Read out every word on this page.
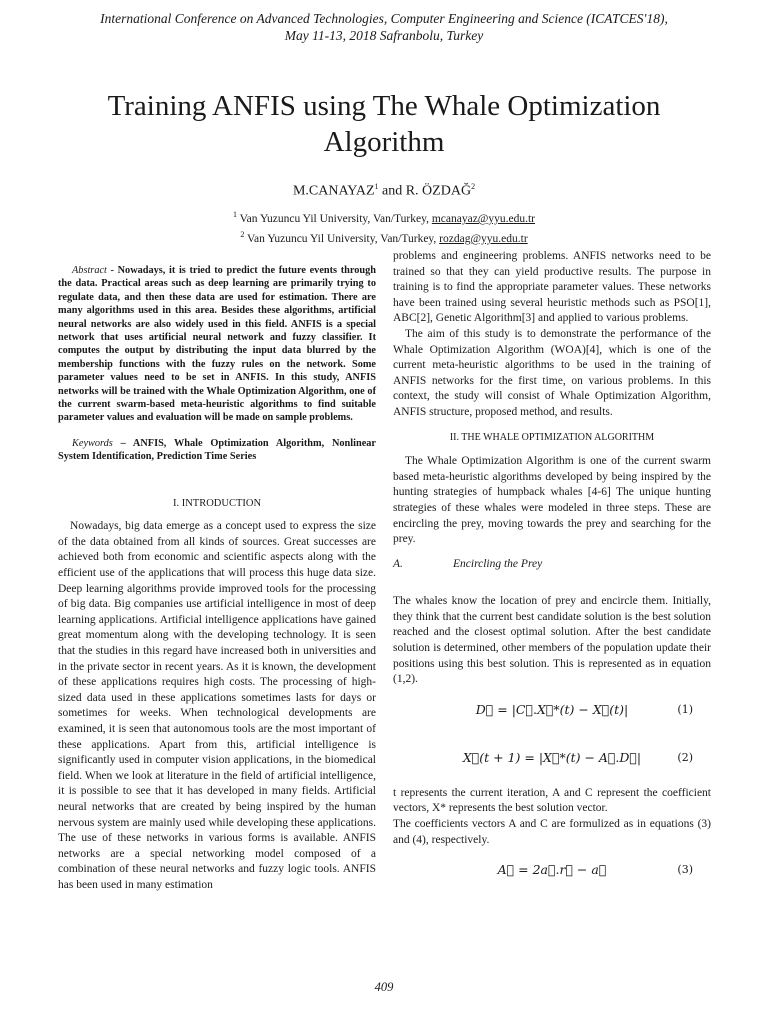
International Conference on Advanced Technologies, Computer Engineering and Science (ICATCES'18),
May 11-13, 2018 Safranbolu, Turkey
Training ANFIS using The Whale Optimization
Algorithm
M.CANAYAZ$^1$ and R. ÖZDAĞ$^2$
$^1$ Van Yuzuncu Yil University, Van/Turkey, mcanayaz@yyu.edu.tr
$^2$ Van Yuzuncu Yil University, Van/Turkey, rozdag@yyu.edu.tr

Abstract - Nowadays, it is tried to predict the future events through the data. Practical areas such as deep learning are primarily trying to regulate data, and then these data are used for estimation. There are many algorithms used in this area. Besides these algorithms, artificial neural networks are also widely used in this field. ANFIS is a special network that uses artificial neural network and fuzzy classifier. It computes the output by distributing the input data blurred by the membership functions with the fuzzy rules on the network. Some parameter values need to be set in ANFIS. In this study, ANFIS networks will be trained with the Whale Optimization Algorithm, one of the current swarm-based meta-heuristic algorithms to find suitable parameter values and evaluation will be made on sample problems.

Keywords – ANFIS, Whale Optimization Algorithm, Nonlinear System Identification, Prediction Time Series

I. INTRODUCTION

Nowadays, big data emerge as a concept used to express the size of the data obtained from all kinds of sources. Great successes are achieved both from economic and scientific aspects along with the efficient use of the applications that will process this huge data size. Deep learning algorithms provide improved tools for the processing of big data. Big companies use artificial intelligence in most of deep learning applications. Artificial intelligence applications have gained great momentum along with the developing technology. It is seen that the studies in this regard have increased both in universities and in the private sector in recent years. As it is known, the development of these applications requires high costs. The processing of high-sized data used in these applications sometimes lasts for days or sometimes for weeks. When technological developments are examined, it is seen that autonomous tools are the most important of these applications. Apart from this, artificial intelligence is significantly used in computer vision applications, in the biomedical field. When we look at literature in the field of artificial intelligence, it is possible to see that it has developed in many fields. Artificial neural networks that are created by being inspired by the human nervous system are mainly used while developing these applications. The use of these networks in various forms is available. ANFIS networks are a special networking model composed of a combination of these neural networks and fuzzy logic tools. ANFIS has been used in many estimation

problems and engineering problems. ANFIS networks need to be trained so that they can yield productive results. The purpose in training is to find the appropriate parameter values. These networks have been trained using several heuristic methods such as PSO[1], ABC[2], Genetic Algorithm[3] and applied to various problems.

The aim of this study is to demonstrate the performance of the Whale Optimization Algorithm (WOA)[4], which is one of the current meta-heuristic algorithms to be used in the training of ANFIS networks for the first time, on various problems. In this context, the study will consist of Whale Optimization Algorithm, ANFIS structure, proposed method, and results.

II. THE WHALE OPTIMIZATION ALGORITHM

The Whale Optimization Algorithm is one of the current swarm based meta-heuristic algorithms developed by being inspired by the hunting strategies of humpback whales [4-6] The unique hunting strategies of these whales were modeled in three steps. These are encircling the prey, moving towards the prey and searching for the prey.

A.	Encircling the Prey

The whales know the location of prey and encircle them. Initially, they think that the current best candidate solution is the best solution reached and the closest optimal solution. After the best candidate solution is determined, other members of the population update their positions using this best solution. This is represented as in equation (1,2).

D⃗ = |C⃗.X⃗*(t) − X⃗(t)|	(1)
X⃗(t + 1) = |X⃗*(t) − A⃗.D⃗|	(2)

t represents the current iteration, A and C represent the coefficient vectors, X* represents the best solution vector.

The coefficients vectors A and C are formulized as in equations (3) and (4), respectively.

A⃗ = 2a⃗.r⃗ − a⃗	(3)
409
